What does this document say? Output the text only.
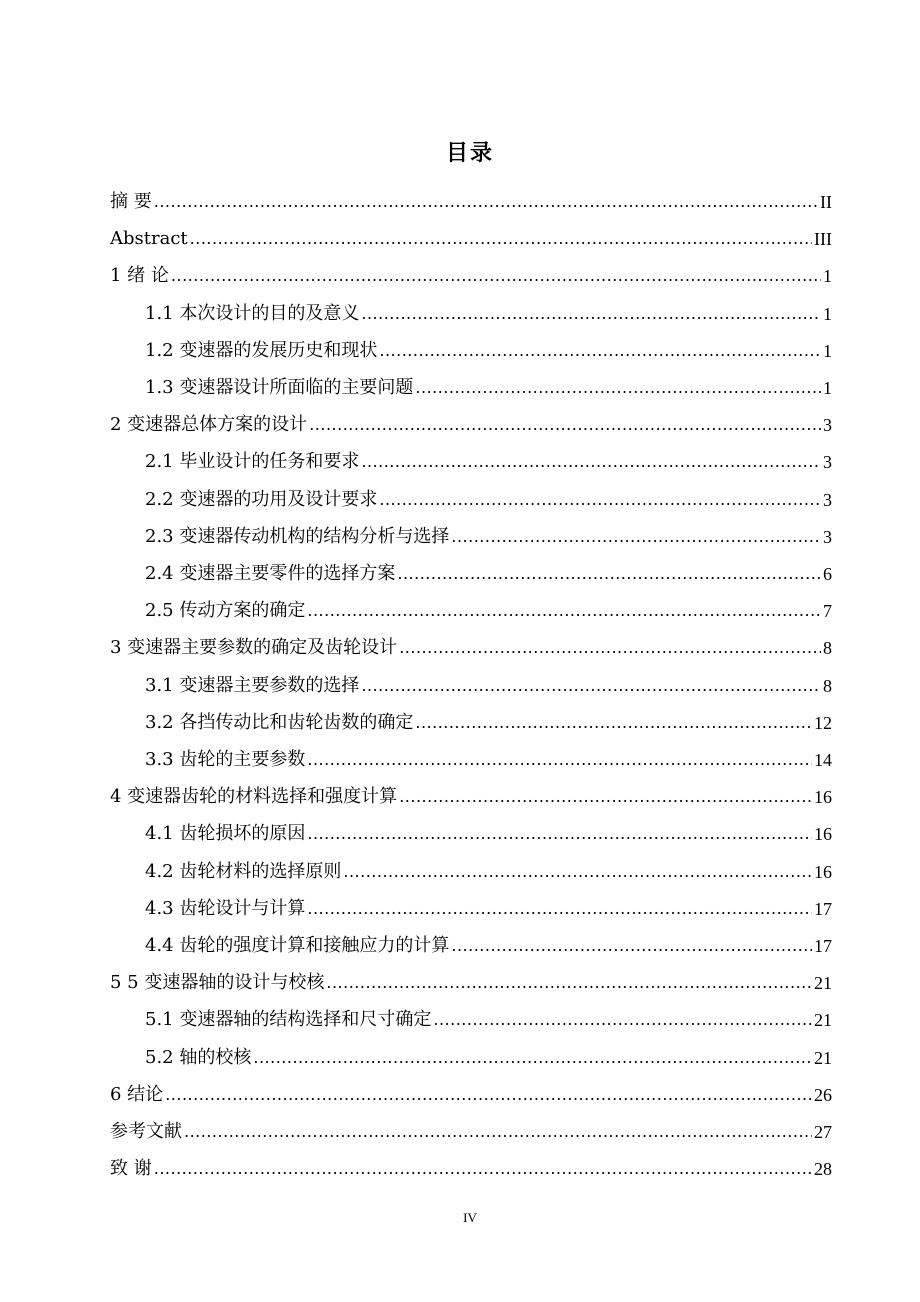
目录
摘 要 .....	II
Abstract .....	III
1 绪 论 .....	1
1.1 本次设计的目的及意义 .....	1
1.2 变速器的发展历史和现状 .....	1
1.3 变速器设计所面临的主要问题 .....	1
2 变速器总体方案的设计 .....	3
2.1 毕业设计的任务和要求 .....	3
2.2 变速器的功用及设计要求 .....	3
2.3 变速器传动机构的结构分析与选择 .....	3
2.4 变速器主要零件的选择方案 .....	6
2.5 传动方案的确定 .....	7
3 变速器主要参数的确定及齿轮设计 .....	8
3.1 变速器主要参数的选择 .....	8
3.2 各挡传动比和齿轮齿数的确定 .....	12
3.3 齿轮的主要参数 .....	14
4 变速器齿轮的材料选择和强度计算 .....	16
4.1 齿轮损坏的原因 .....	16
4.2 齿轮材料的选择原则 .....	16
4.3 齿轮设计与计算 .....	17
4.4 齿轮的强度计算和接触应力的计算 .....	17
5 5 变速器轴的设计与校核 .....	21
5.1 变速器轴的结构选择和尺寸确定 .....	21
5.2 轴的校核 .....	21
6 结论 .....	26
参考文献 .....	27
致 谢 .....	28
IV
